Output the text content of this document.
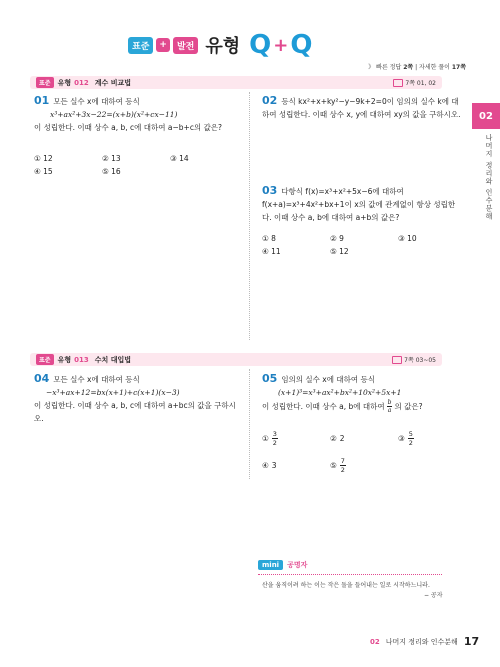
표준	+	발전 유형 Q + Q
》 빠른 정답 2쪽 | 자세한 풀이 17쪽
02
나머지 정리와 인수분해
표준	유형 012 계수 비교법	7쪽 01, 02
01 모든 실수 x에 대하여 등식
x³+ax²+3x−22=(x+b)(x²+cx−11)
이 성립한다. 이때 상수 a, b, c에 대하여 a−b+c의 값은?
① 12	② 13	③ 14
④ 15	⑤ 16
02 등식 kx²+x+ky²−y−9k+2=0이 임의의 실수 k에 대하여 성립한다. 이때 상수 x, y에 대하여 xy의 값을 구하시오.
03 다항식 f(x)=x³+x²+5x−6에 대하여
f(x+a)=x³+4x²+bx+1이 x의 값에 관계없이 항상 성립한다. 이때 상수 a, b에 대하여 a+b의 값은?
① 8	② 9	③ 10
④ 11	⑤ 12
표준	유형 013 수치 대입법	7쪽 03~05
04 모든 실수 x에 대하여 등식
−x³+ax+12=bx(x+1)+c(x+1)(x−3)
이 성립한다. 이때 상수 a, b, c에 대하여 a+bc의 값을 구하시오.
05 임의의 실수 x에 대하여 등식
(x+1)³=x³+ax²+bx²+10x²+5x+1
이 성립한다. 이때 상수 a, b에 대하여 $\frac{b}{a}$ 의 값은?
① $\frac{3}{2}$	② 2	③ $\frac{5}{2}$
④ 3	⑤ $\frac{7}{2}$
mini	공명자
산을 움직이려 하는 이는 작은 돌을 들어내는 일로 시작하느니라.
− 공자
02 나머지 정리와 인수분해 17
